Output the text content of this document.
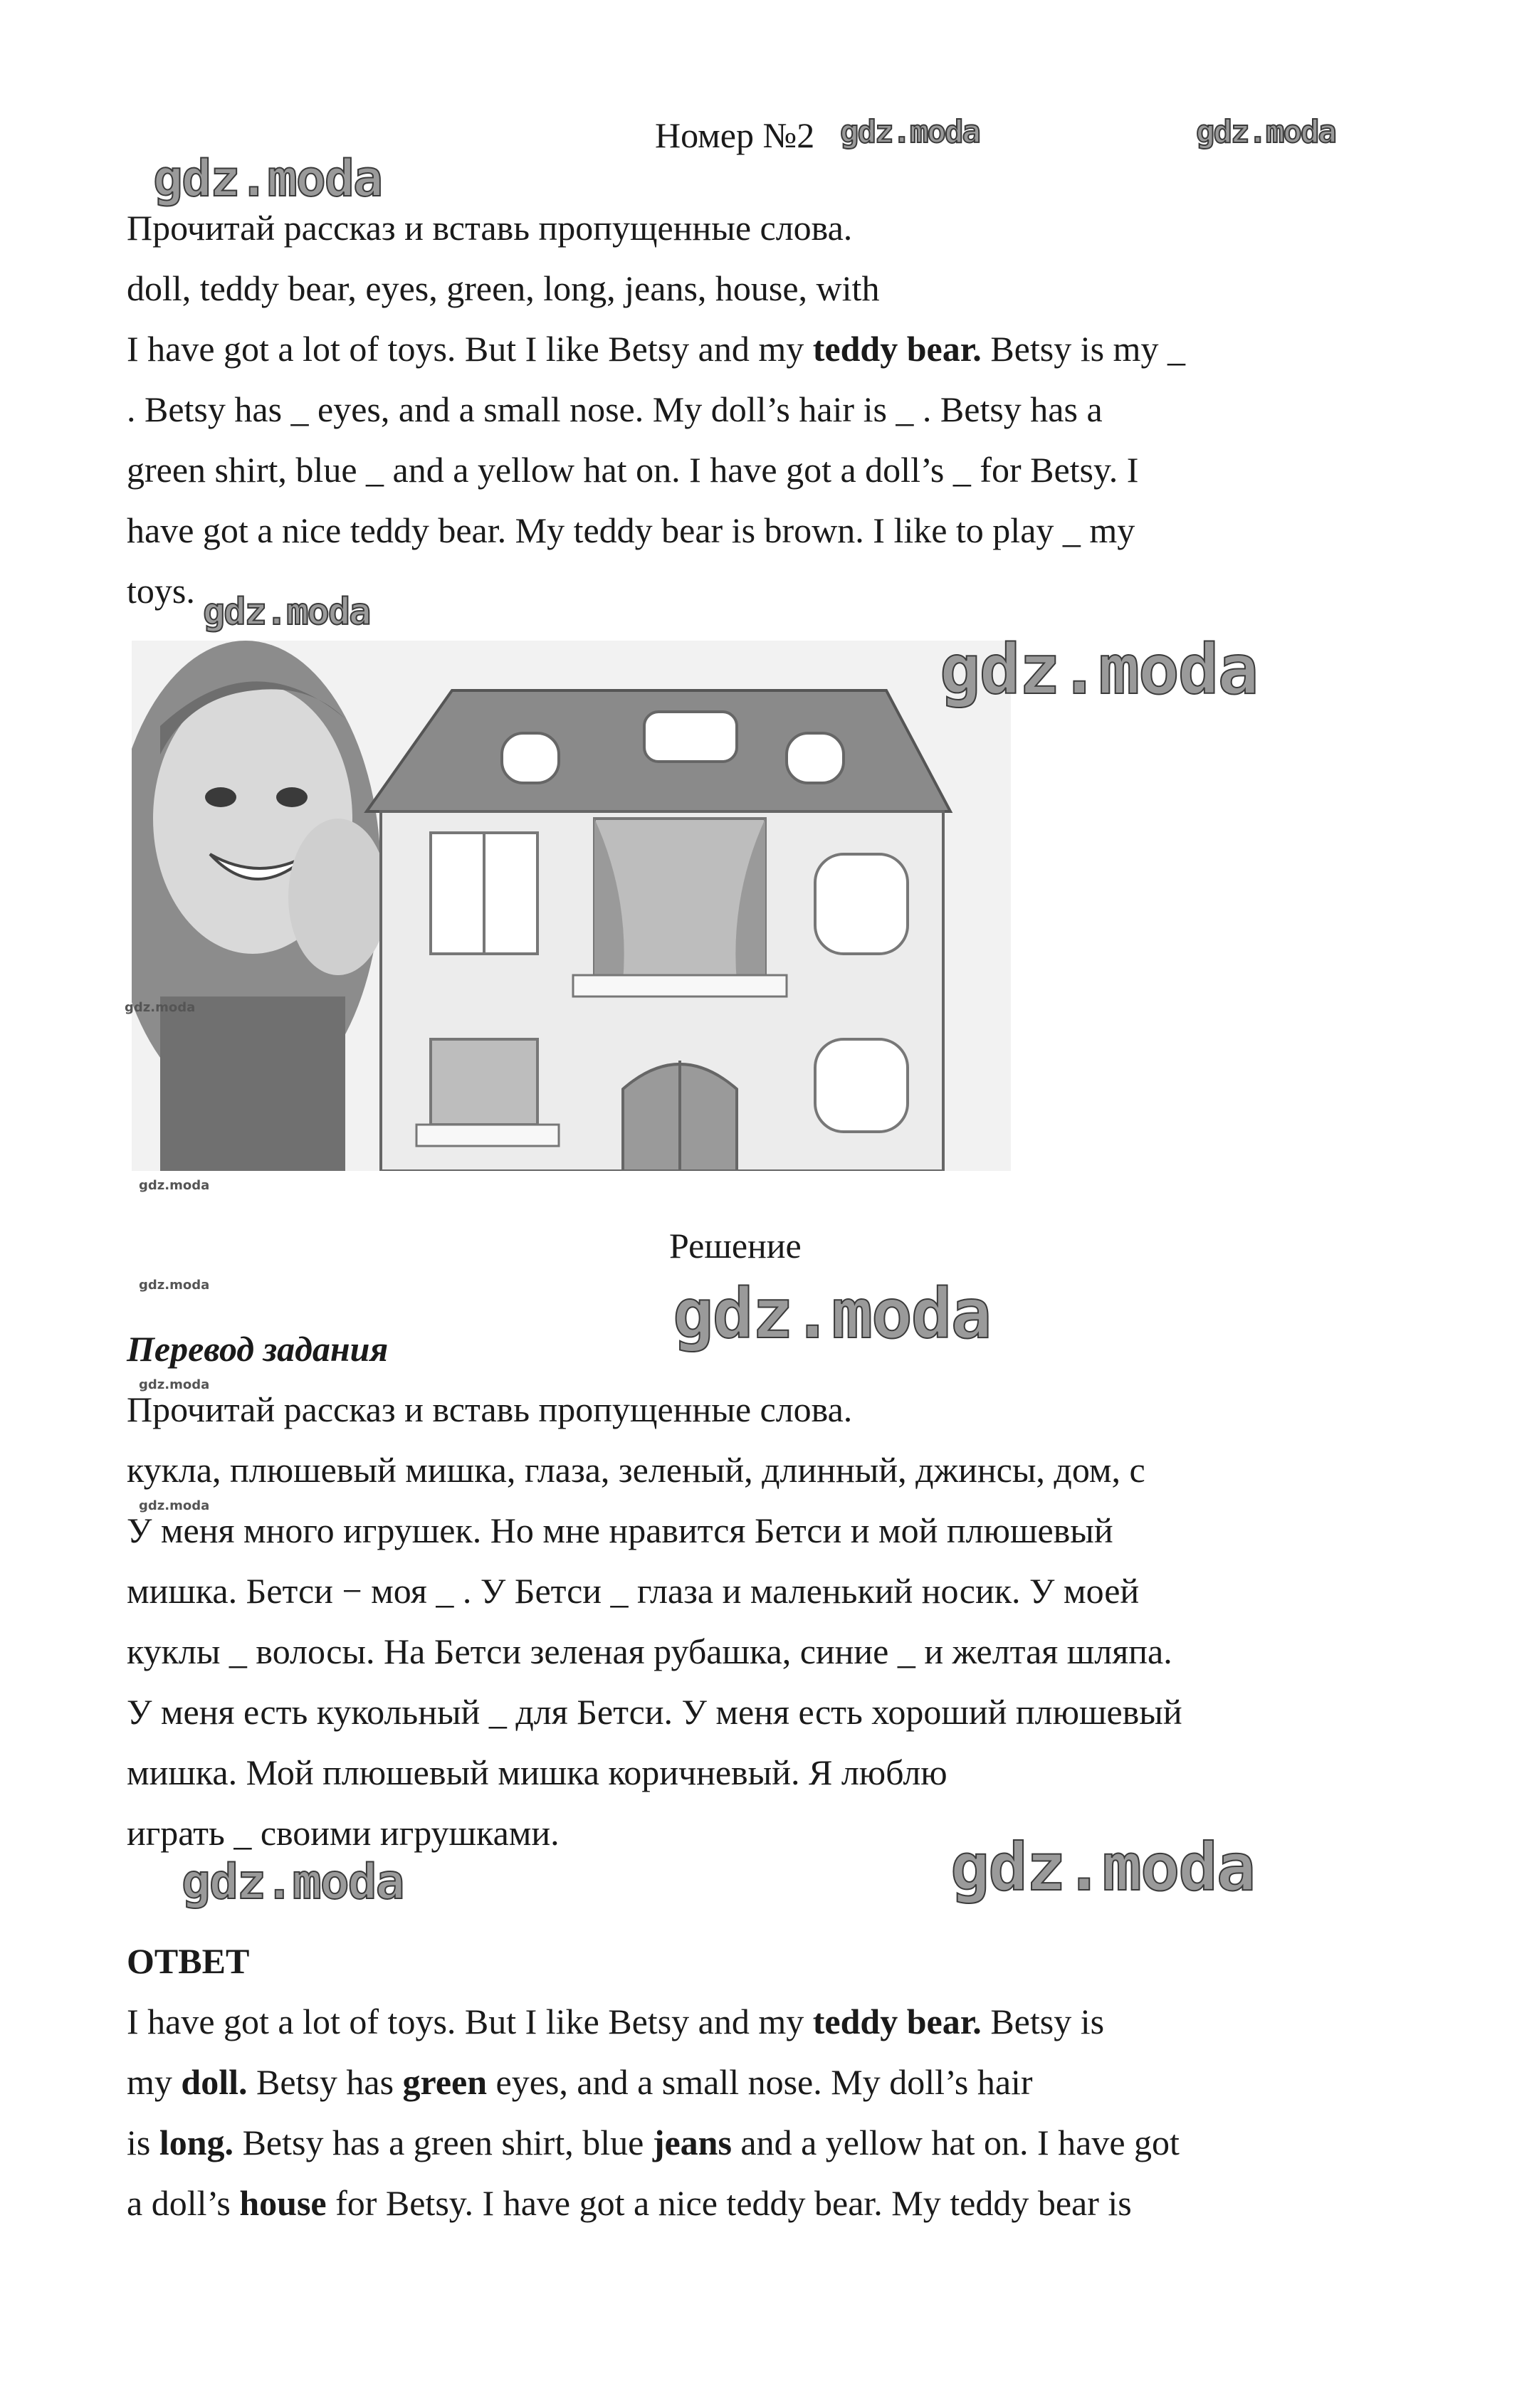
Номер №2 gdz.moda	gdz.moda
gdz.moda
Прочитай рассказ и вставь пропущенные слова.
doll, teddy bear, eyes, green, long, jeans, house, with
I have got a lot of toys. But I like Betsy and my teddy bear. Betsy is my _
. Betsy has _ eyes, and a small nose. My doll’s hair is _ . Betsy has a
green shirt, blue _ and a yellow hat on. I have got a doll’s _ for Betsy. I
have got a nice teddy bear. My teddy bear is brown. I like to play _ my
toys. gdz.moda
gdz.moda
gdz.moda
gdz.moda
Решение
gdz.moda	gdz.moda
Перевод задания
gdz.moda
Прочитай рассказ и вставь пропущенные слова.
кукла, плюшевый мишка, глаза, зеленый, длинный, джинсы, дом, с
gdz.moda
У меня много игрушек. Но мне нравится Бетси и мой плюшевый
мишка. Бетси − моя _ . У Бетси _ глаза и маленький носик. У моей
куклы _ волосы. На Бетси зеленая рубашка, синие _ и желтая шляпа.
У меня есть кукольный _ для Бетси. У меня есть хороший плюшевый
мишка. Мой плюшевый мишка коричневый. Я люблю
играть _ своими игрушками.	gdz.moda
gdz.moda
ОТВЕТ
I have got a lot of toys. But I like Betsy and my teddy bear. Betsy is
my doll. Betsy has green eyes, and a small nose. My doll’s hair
is long. Betsy has a green shirt, blue jeans and a yellow hat on. I have got
a doll’s house for Betsy. I have got a nice teddy bear. My teddy bear is
